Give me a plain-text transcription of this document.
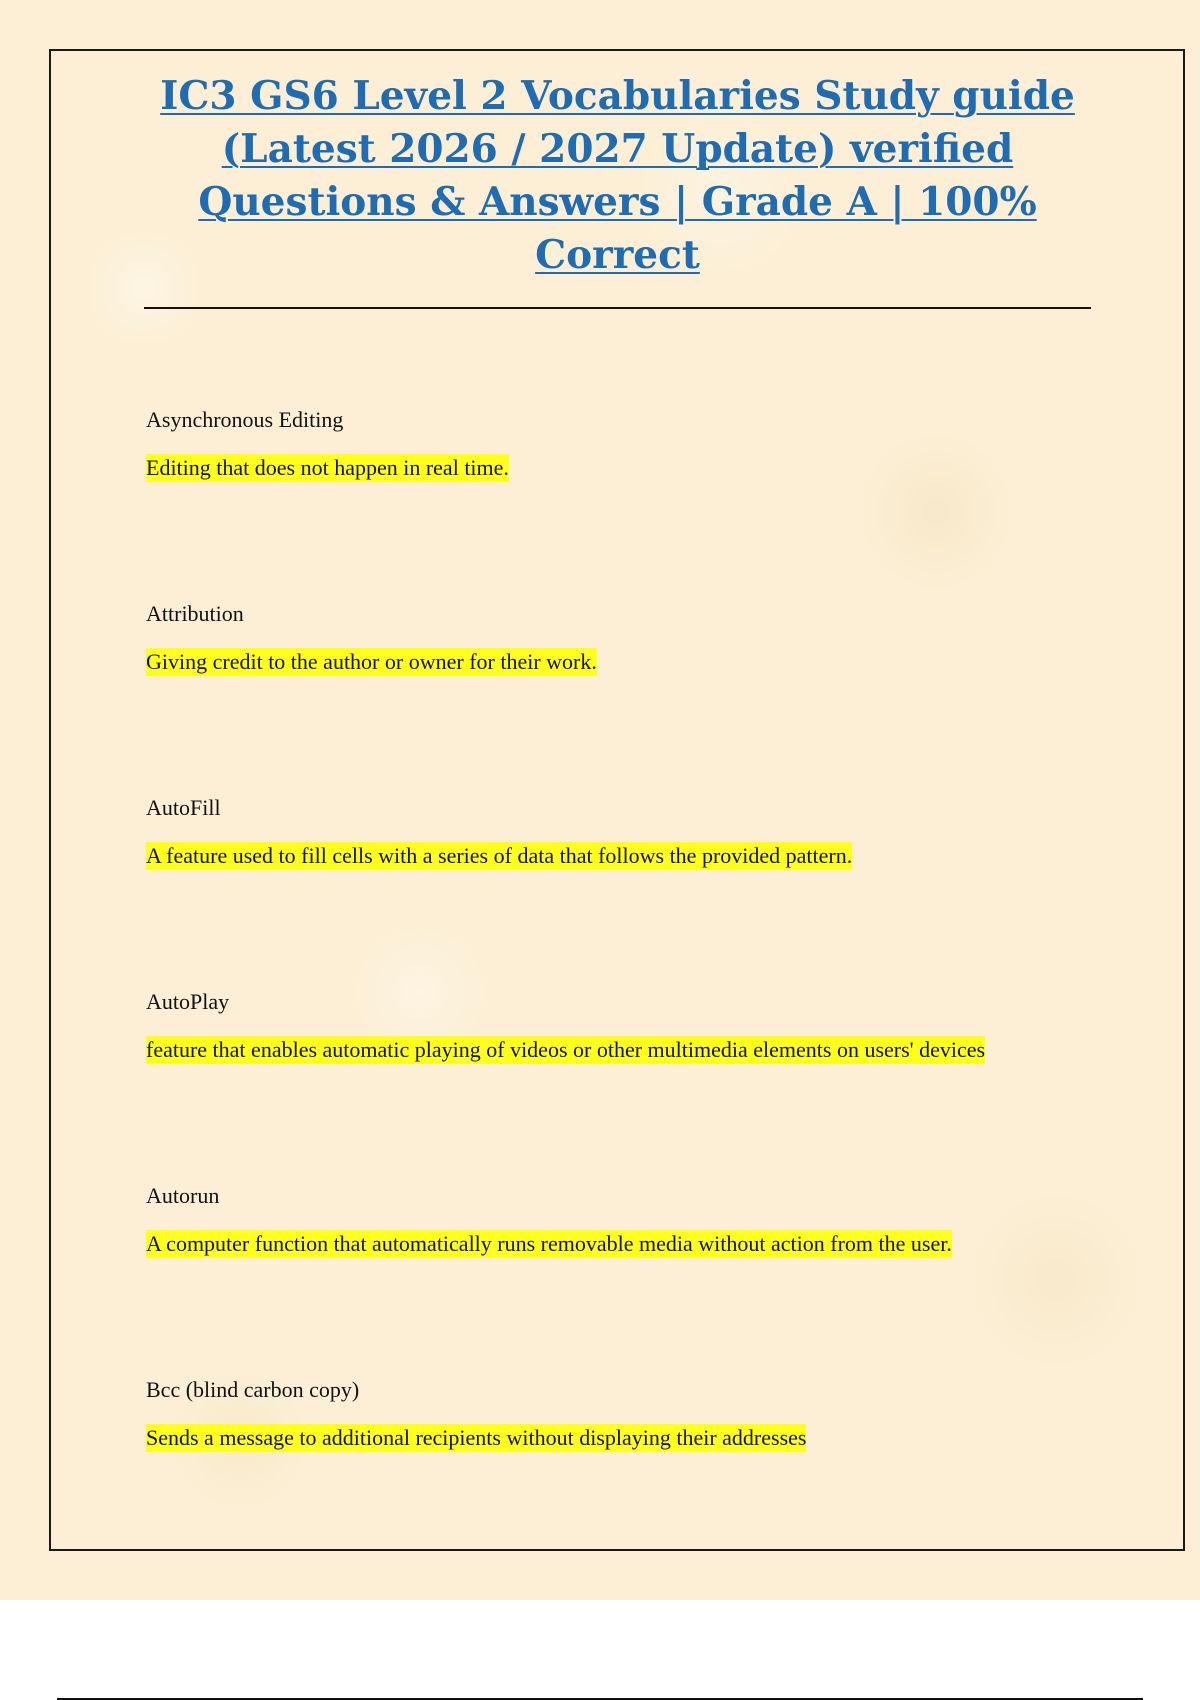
IC3 GS6 Level 2 Vocabularies Study guide (Latest 2026 / 2027 Update) verified Questions & Answers | Grade A | 100% Correct

Asynchronous Editing

Editing that does not happen in real time.

Attribution

Giving credit to the author or owner for their work.

AutoFill

A feature used to fill cells with a series of data that follows the provided pattern.

AutoPlay

feature that enables automatic playing of videos or other multimedia elements on users' devices

Autorun

A computer function that automatically runs removable media without action from the user.

Bcc (blind carbon copy)

Sends a message to additional recipients without displaying their addresses
